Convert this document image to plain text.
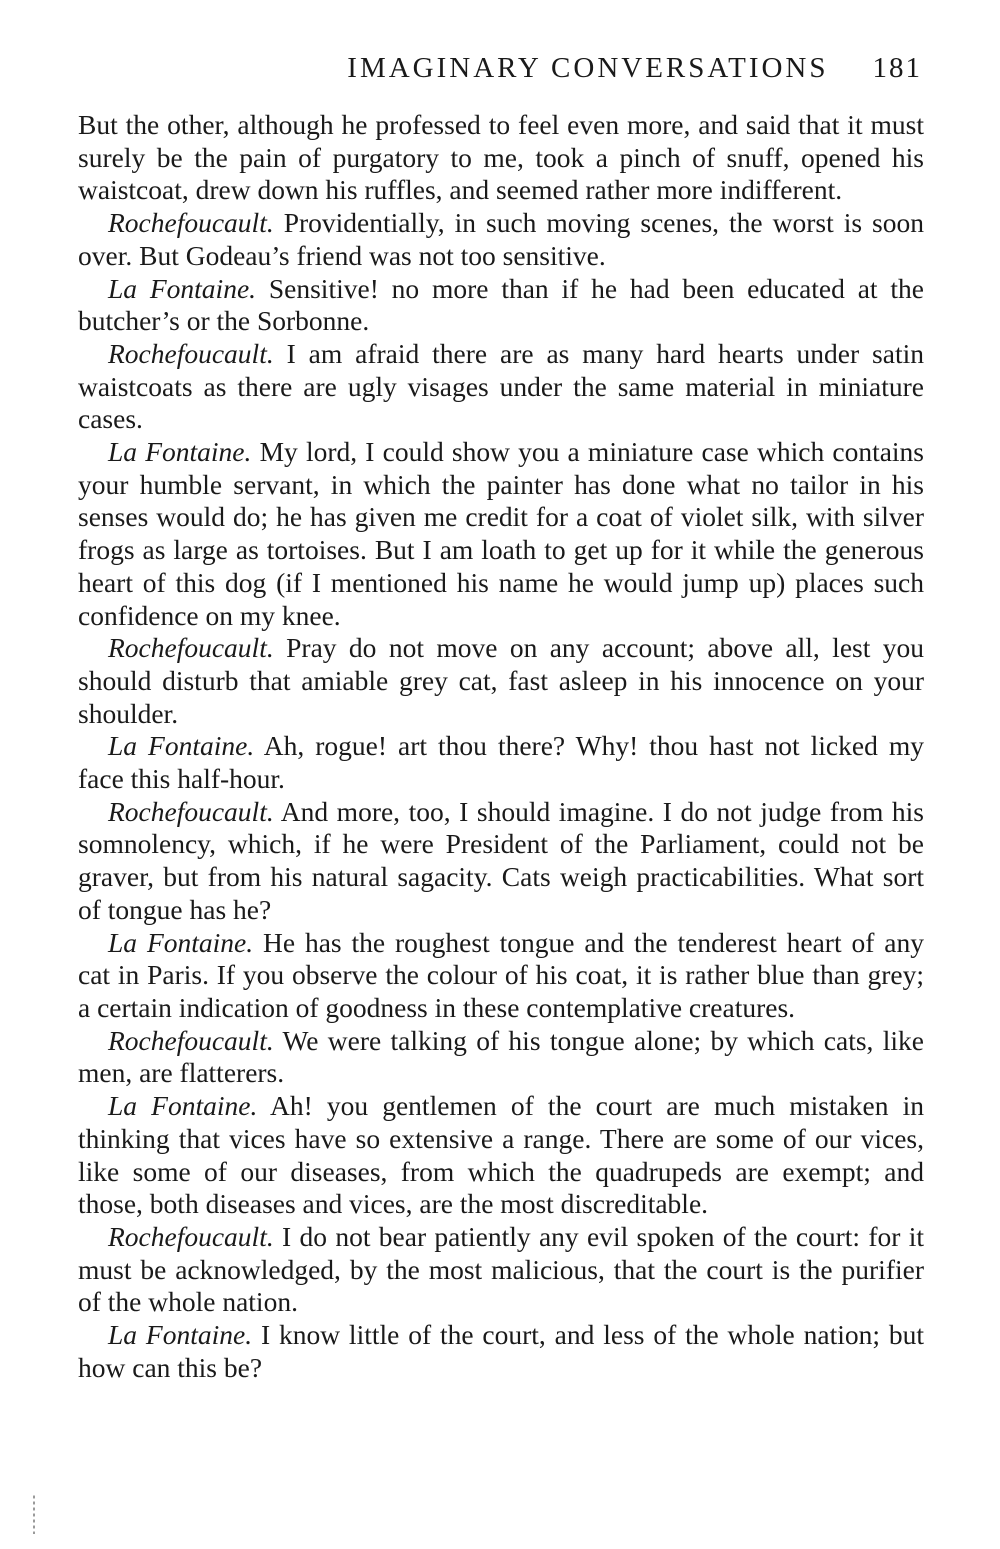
IMAGINARY CONVERSATIONS 181

But the other, although he professed to feel even more, and said that it must surely be the pain of purgatory to me, took a pinch of snuff, opened his waistcoat, drew down his ruffles, and seemed rather more indifferent.

Rochefoucault. Providentially, in such moving scenes, the worst is soon over. But Godeau’s friend was not too sensitive.

La Fontaine. Sensitive! no more than if he had been educated at the butcher’s or the Sorbonne.

Rochefoucault. I am afraid there are as many hard hearts under satin waistcoats as there are ugly visages under the same material in miniature cases.

La Fontaine. My lord, I could show you a miniature case which contains your humble servant, in which the painter has done what no tailor in his senses would do; he has given me credit for a coat of violet silk, with silver frogs as large as tortoises. But I am loath to get up for it while the generous heart of this dog (if I mentioned his name he would jump up) places such confidence on my knee.

Rochefoucault. Pray do not move on any account; above all, lest you should disturb that amiable grey cat, fast asleep in his innocence on your shoulder.

La Fontaine. Ah, rogue! art thou there? Why! thou hast not licked my face this half-hour.

Rochefoucault. And more, too, I should imagine. I do not judge from his somnolency, which, if he were President of the Parliament, could not be graver, but from his natural sagacity. Cats weigh practicabilities. What sort of tongue has he?

La Fontaine. He has the roughest tongue and the tenderest heart of any cat in Paris. If you observe the colour of his coat, it is rather blue than grey; a certain indication of goodness in these contemplative creatures.

Rochefoucault. We were talking of his tongue alone; by which cats, like men, are flatterers.

La Fontaine. Ah! you gentlemen of the court are much mistaken in thinking that vices have so extensive a range. There are some of our vices, like some of our diseases, from which the quadrupeds are exempt; and those, both diseases and vices, are the most discreditable.

Rochefoucault. I do not bear patiently any evil spoken of the court: for it must be acknowledged, by the most malicious, that the court is the purifier of the whole nation.

La Fontaine. I know little of the court, and less of the whole nation; but how can this be?
